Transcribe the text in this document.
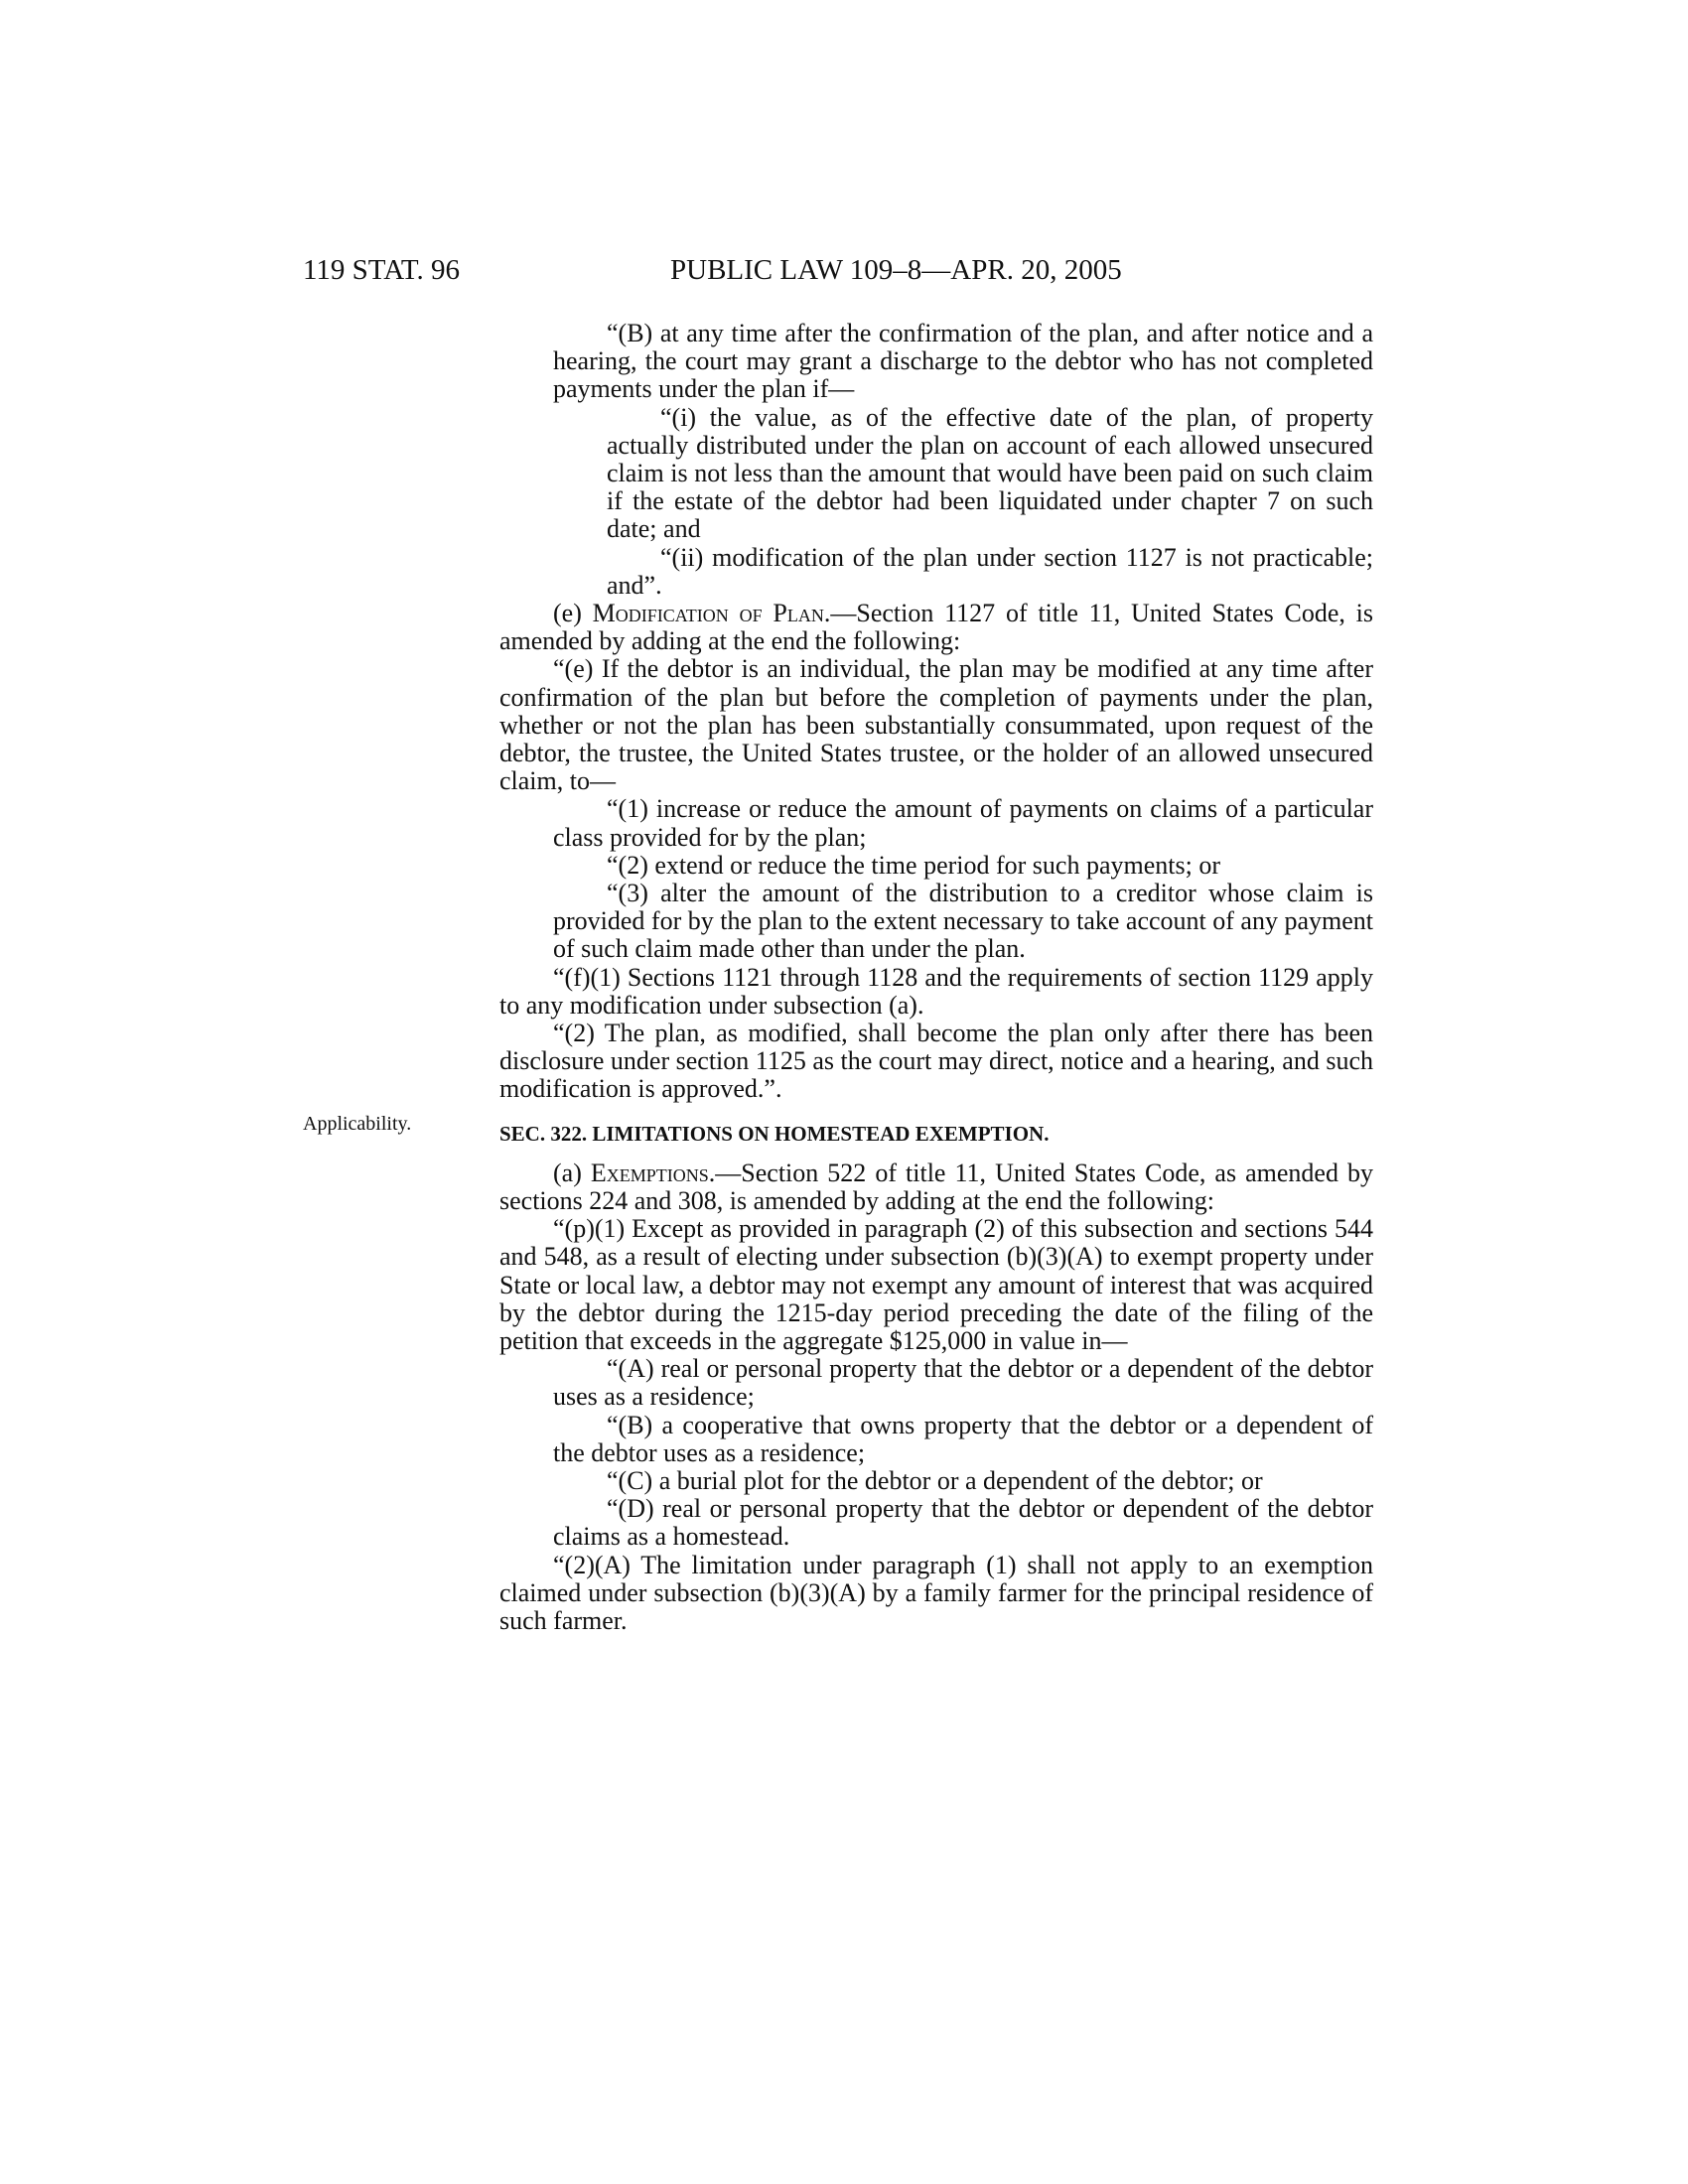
119 STAT. 96	PUBLIC LAW 109–8—APR. 20, 2005
Applicability.

“(B) at any time after the confirmation of the plan, and after notice and a hearing, the court may grant a discharge to the debtor who has not completed payments under the plan if—

“(i) the value, as of the effective date of the plan, of property actually distributed under the plan on account of each allowed unsecured claim is not less than the amount that would have been paid on such claim if the estate of the debtor had been liquidated under chapter 7 on such date; and

“(ii) modification of the plan under section 1127 is not practicable; and”.

(e) Modification of Plan.—Section 1127 of title 11, United States Code, is amended by adding at the end the following:

“(e) If the debtor is an individual, the plan may be modified at any time after confirmation of the plan but before the completion of payments under the plan, whether or not the plan has been substantially consummated, upon request of the debtor, the trustee, the United States trustee, or the holder of an allowed unsecured claim, to—

“(1) increase or reduce the amount of payments on claims of a particular class provided for by the plan;

“(2) extend or reduce the time period for such payments; or

“(3) alter the amount of the distribution to a creditor whose claim is provided for by the plan to the extent necessary to take account of any payment of such claim made other than under the plan.

“(f)(1) Sections 1121 through 1128 and the requirements of section 1129 apply to any modification under subsection (a).

“(2) The plan, as modified, shall become the plan only after there has been disclosure under section 1125 as the court may direct, notice and a hearing, and such modification is approved.”.

SEC. 322. LIMITATIONS ON HOMESTEAD EXEMPTION.

(a) Exemptions.—Section 522 of title 11, United States Code, as amended by sections 224 and 308, is amended by adding at the end the following:

“(p)(1) Except as provided in paragraph (2) of this subsection and sections 544 and 548, as a result of electing under subsection (b)(3)(A) to exempt property under State or local law, a debtor may not exempt any amount of interest that was acquired by the debtor during the 1215-day period preceding the date of the filing of the petition that exceeds in the aggregate $125,000 in value in—

“(A) real or personal property that the debtor or a dependent of the debtor uses as a residence;

“(B) a cooperative that owns property that the debtor or a dependent of the debtor uses as a residence;

“(C) a burial plot for the debtor or a dependent of the debtor; or

“(D) real or personal property that the debtor or dependent of the debtor claims as a homestead.

“(2)(A) The limitation under paragraph (1) shall not apply to an exemption claimed under subsection (b)(3)(A) by a family farmer for the principal residence of such farmer.
